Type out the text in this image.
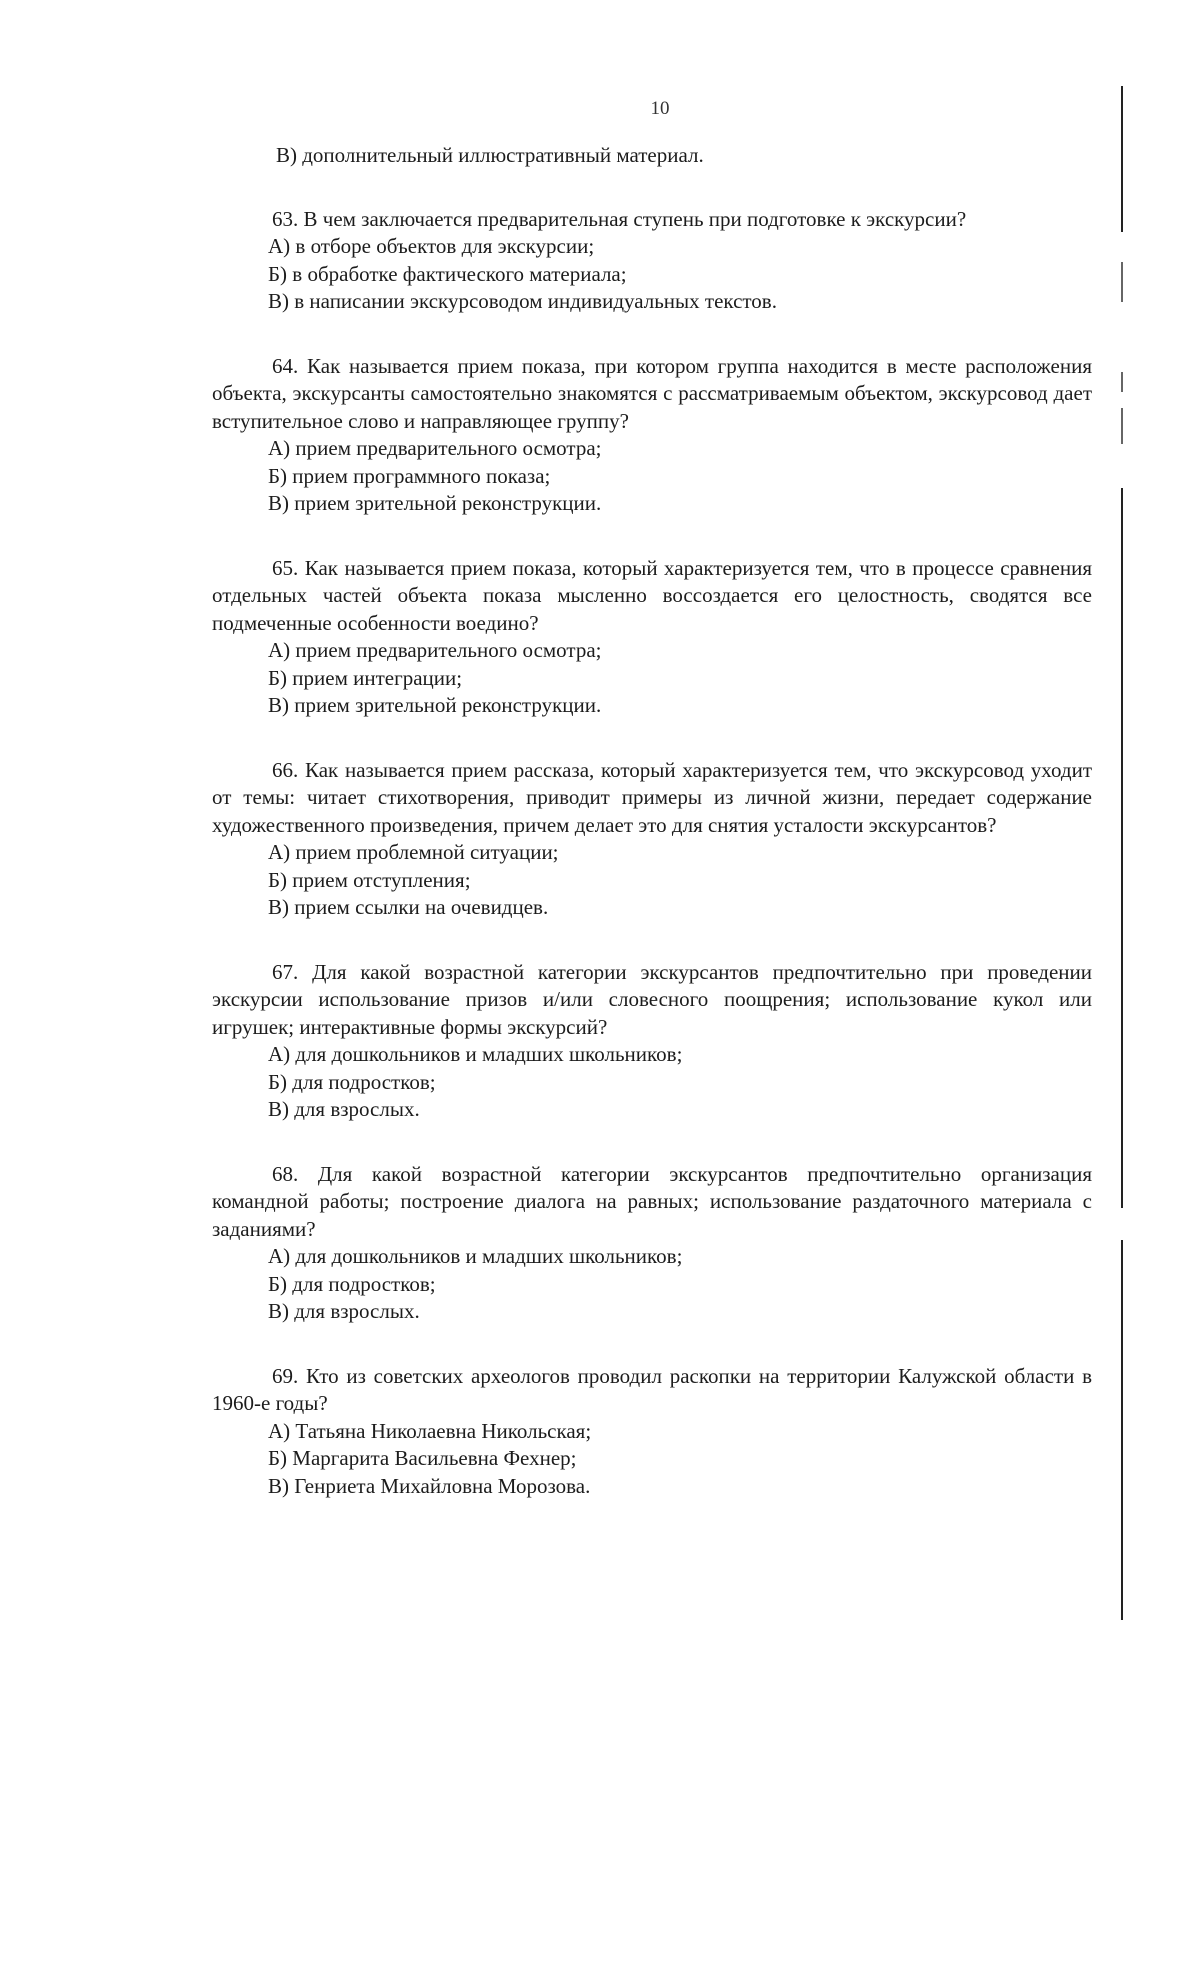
10
В) дополнительный иллюстративный материал.
63. В чем заключается предварительная ступень при подготовке к экскурсии?
А) в отборе объектов для экскурсии;
Б) в обработке фактического материала;
В) в написании экскурсоводом индивидуальных текстов.
64. Как называется прием показа, при котором группа находится в месте расположения объекта, экскурсанты самостоятельно знакомятся с рассматриваемым объектом, экскурсовод дает вступительное слово и направляющее группу?
А) прием предварительного осмотра;
Б) прием программного показа;
В) прием зрительной реконструкции.
65. Как называется прием показа, который характеризуется тем, что в процессе сравнения отдельных частей объекта показа мысленно воссоздается его целостность, сводятся все подмеченные особенности воедино?
А) прием предварительного осмотра;
Б) прием интеграции;
В) прием зрительной реконструкции.
66. Как называется прием рассказа, который характеризуется тем, что экскурсовод уходит от темы: читает стихотворения, приводит примеры из личной жизни, передает содержание художественного произведения, причем делает это для снятия усталости экскурсантов?
А) прием проблемной ситуации;
Б) прием отступления;
В) прием ссылки на очевидцев.
67. Для какой возрастной категории экскурсантов предпочтительно при проведении экскурсии использование призов и/или словесного поощрения; использование кукол или игрушек; интерактивные формы экскурсий?
А) для дошкольников и младших школьников;
Б) для подростков;
В) для взрослых.
68. Для какой возрастной категории экскурсантов предпочтительно организация командной работы; построение диалога на равных; использование раздаточного материала с заданиями?
А) для дошкольников и младших школьников;
Б) для подростков;
В) для взрослых.
69. Кто из советских археологов проводил раскопки на территории Калужской области в 1960-е годы?
А) Татьяна Николаевна Никольская;
Б) Маргарита Васильевна Фехнер;
В) Генриета Михайловна Морозова.
